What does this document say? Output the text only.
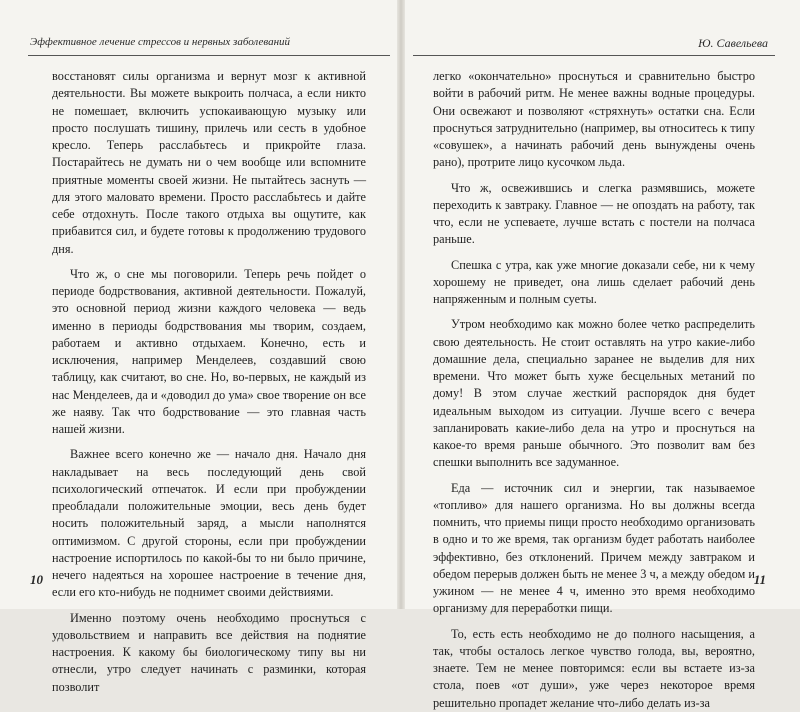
Эффективное лечение стрессов и нервных заболеваний

восстановят силы организма и вернут мозг к активной деятельности. Вы можете выкроить полчаса, а если никто не помешает, включить успокаивающую музыку или просто послушать тишину, прилечь или сесть в удобное кресло. Теперь расслабьтесь и прикройте глаза. Постарайтесь не думать ни о чем вообще или вспомните приятные моменты своей жизни. Не пытайтесь заснуть — для этого маловато времени. Просто расслабьтесь и дайте себе отдохнуть. После такого отдыха вы ощутите, как прибавится сил, и будете готовы к продолжению трудового дня.

Что ж, о сне мы поговорили. Теперь речь пойдет о периоде бодрствования, активной деятельности. Пожалуй, это основной период жизни каждого человека — ведь именно в периоды бодрствования мы творим, создаем, работаем и активно отдыхаем. Конечно, есть и исключения, например Менделеев, создавший свою таблицу, как считают, во сне. Но, во-первых, не каждый из нас Менделеев, да и «доводил до ума» свое творение он все же наяву. Так что бодрствование — это главная часть нашей жизни.

Важнее всего конечно же — начало дня. Начало дня накладывает на весь последующий день свой психологический отпечаток. И если при пробуждении преобладали положительные эмоции, весь день будет носить положительный заряд, а мысли наполнятся оптимизмом. С другой стороны, если при пробуждении настроение испортилось по какой-бы то ни было причине, нечего надеяться на хорошее настроение в течение дня, если его кто-нибудь не поднимет своими действиями.

Именно поэтому очень необходимо проснуться с удовольствием и направить все действия на поднятие настроения. К какому бы биологическому типу вы ни отнесли, утро следует начинать с разминки, которая позволит

10
Ю. Савельева

легко «окончательно» проснуться и сравнительно быстро войти в рабочий ритм. Не менее важны водные процедуры. Они освежают и позволяют «стряхнуть» остатки сна. Если проснуться затруднительно (например, вы относитесь к типу «совушек», а начинать рабочий день вынуждены очень рано), протрите лицо кусочком льда.

Что ж, освежившись и слегка размявшись, можете переходить к завтраку. Главное — не опоздать на работу, так что, если не успеваете, лучше встать с постели на полчаса раньше.

Спешка с утра, как уже многие доказали себе, ни к чему хорошему не приведет, она лишь сделает рабочий день напряженным и полным суеты.

Утром необходимо как можно более четко распределить свою деятельность. Не стоит оставлять на утро какие-либо домашние дела, специально заранее не выделив для них времени. Что может быть хуже бесцельных метаний по дому! В этом случае жесткий распорядок дня будет идеальным выходом из ситуации. Лучше всего с вечера запланировать какие-либо дела на утро и проснуться на какое-то время раньше обычного. Это позволит вам без спешки выполнить все задуманное.

Еда — источник сил и энергии, так называемое «топливо» для нашего организма. Но вы должны всегда помнить, что приемы пищи просто необходимо организовать в одно и то же время, так организм будет работать наиболее эффективно, без отклонений. Причем между завтраком и обедом перерыв должен быть не менее 3 ч, а между обедом и ужином — не менее 4 ч, именно это время необходимо организму для переработки пищи.

То, есть есть необходимо не до полного насыщения, а так, чтобы осталось легкое чувство голода, вы, вероятно, знаете. Тем не менее повторимся: если вы встаете из-за стола, поев «от души», уже через некоторое время решительно пропадет желание что-либо делать из-за

11
